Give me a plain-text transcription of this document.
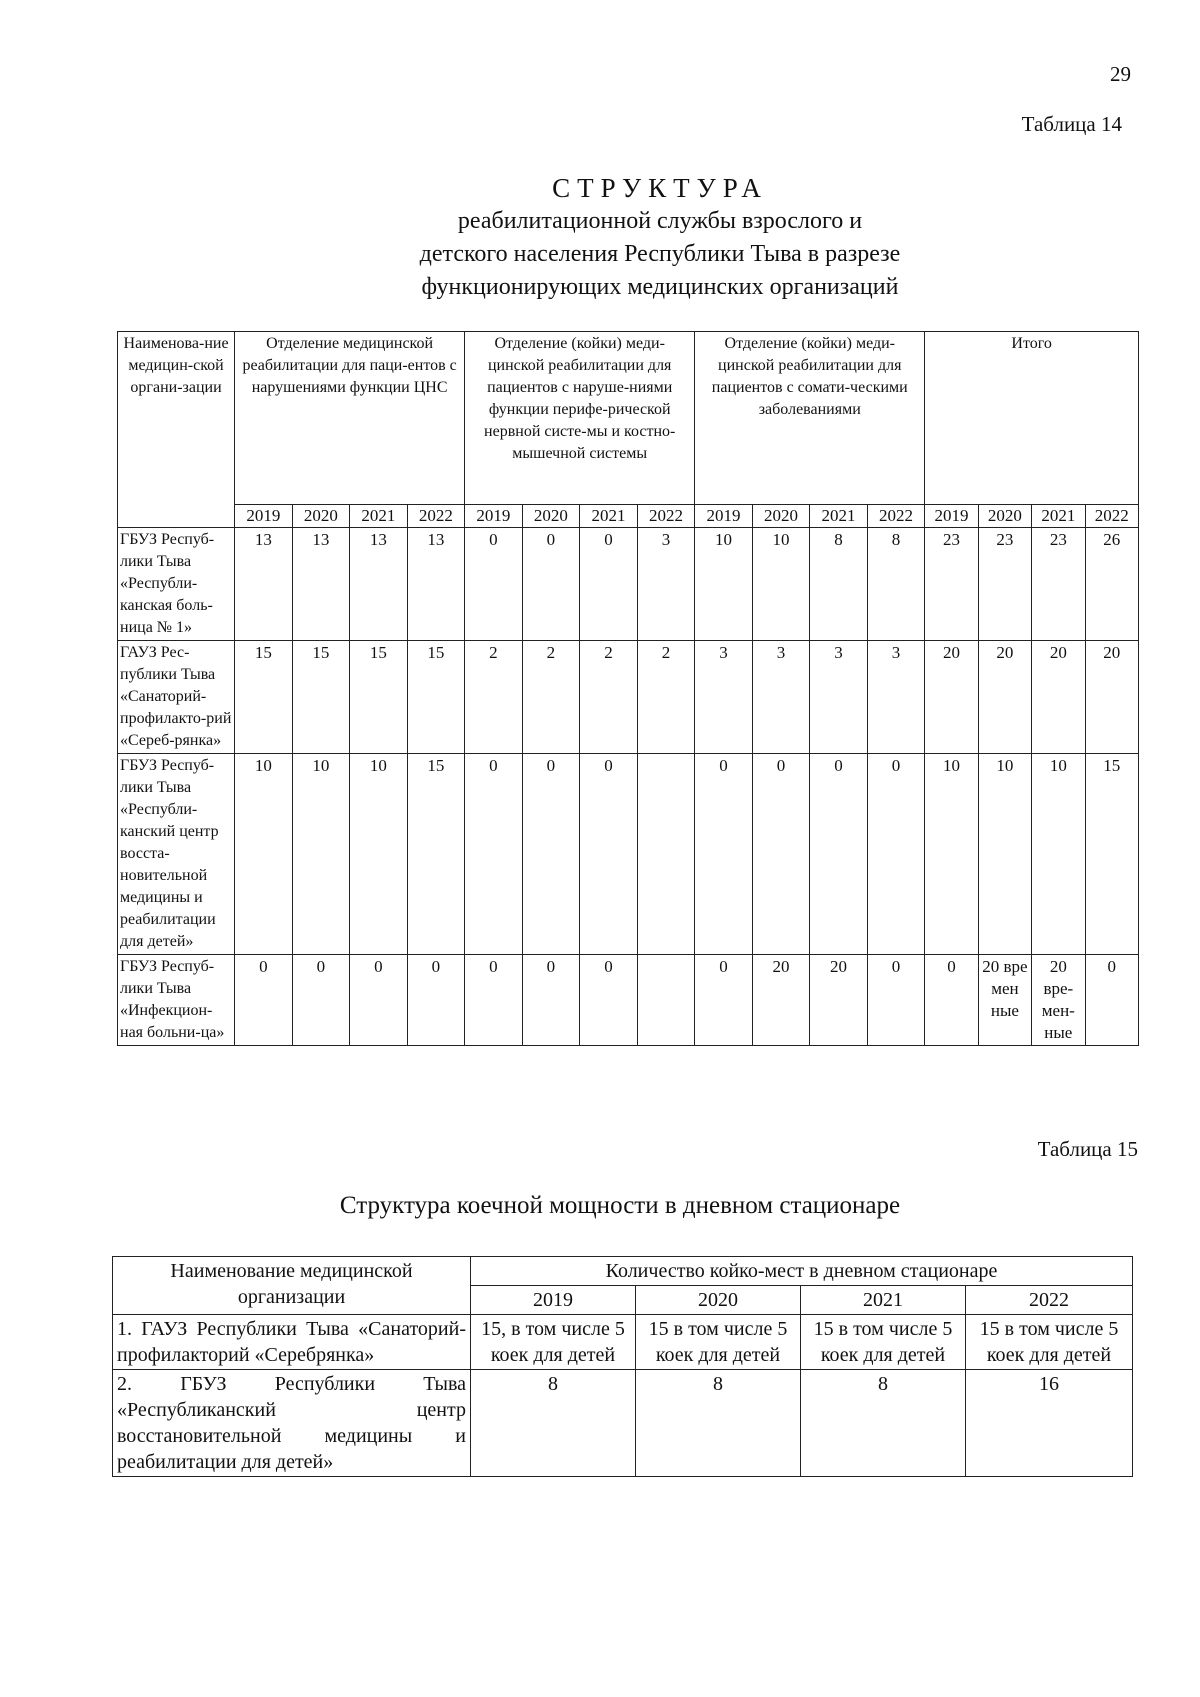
29
Таблица 14
СТРУКТУРА
реабилитационной службы взрослого и
детского населения Республики Тыва в разрезе
функционирующих медицинских организаций
Наименова-ние медицин-ской органи-зации	Отделение медицинской реабилитации для паци-ентов с нарушениями функции ЦНС				Отделение (койки) меди-цинской реабилитации для пациентов с наруше-ниями функции перифе-рической нервной систе-мы и костно-мышечной системы				Отделение (койки) меди-цинской реабилитации для пациентов с сомати-ческими заболеваниями				Итого			
	2019	2020	2021	2022	2019	2020	2021	2022	2019	2020	2021	2022	2019	2020	2021	2022
ГБУЗ Респуб-лики Тыва «Республи-канская боль-ница № 1»	13	13	13	13	0	0	0	3	10	10	8	8	23	23	23	26
ГАУЗ Рес-публики Тыва «Санаторий-профилакто-рий «Сереб-рянка»	15	15	15	15	2	2	2	2	3	3	3	3	20	20	20	20
ГБУЗ Респуб-лики Тыва «Республи-канский центр восста-новительной медицины и реабилитации для детей»	10	10	10	15	0	0	0		0	0	0	0	10	10	10	15
ГБУЗ Респуб-лики Тыва «Инфекцион-ная больни-ца»	0	0	0	0	0	0	0		0	20	20	0	0	20 вре мен ные	20 вре-мен-ные	0
Таблица 15
Структура коечной мощности в дневном стационаре
Наименование медицинской организации	Количество койко-мест в дневном стационаре			
	2019	2020	2021	2022
1. ГАУЗ Республики Тыва «Санаторий-профилакторий «Серебрянка»	15, в том числе 5 коек для детей	15 в том числе 5 коек для детей	15 в том числе 5 коек для детей	15 в том числе 5 коек для детей
2. ГБУЗ Республики Тыва «Республиканский центр восстановительной медицины и реабилитации для детей»	8	8	8	16
